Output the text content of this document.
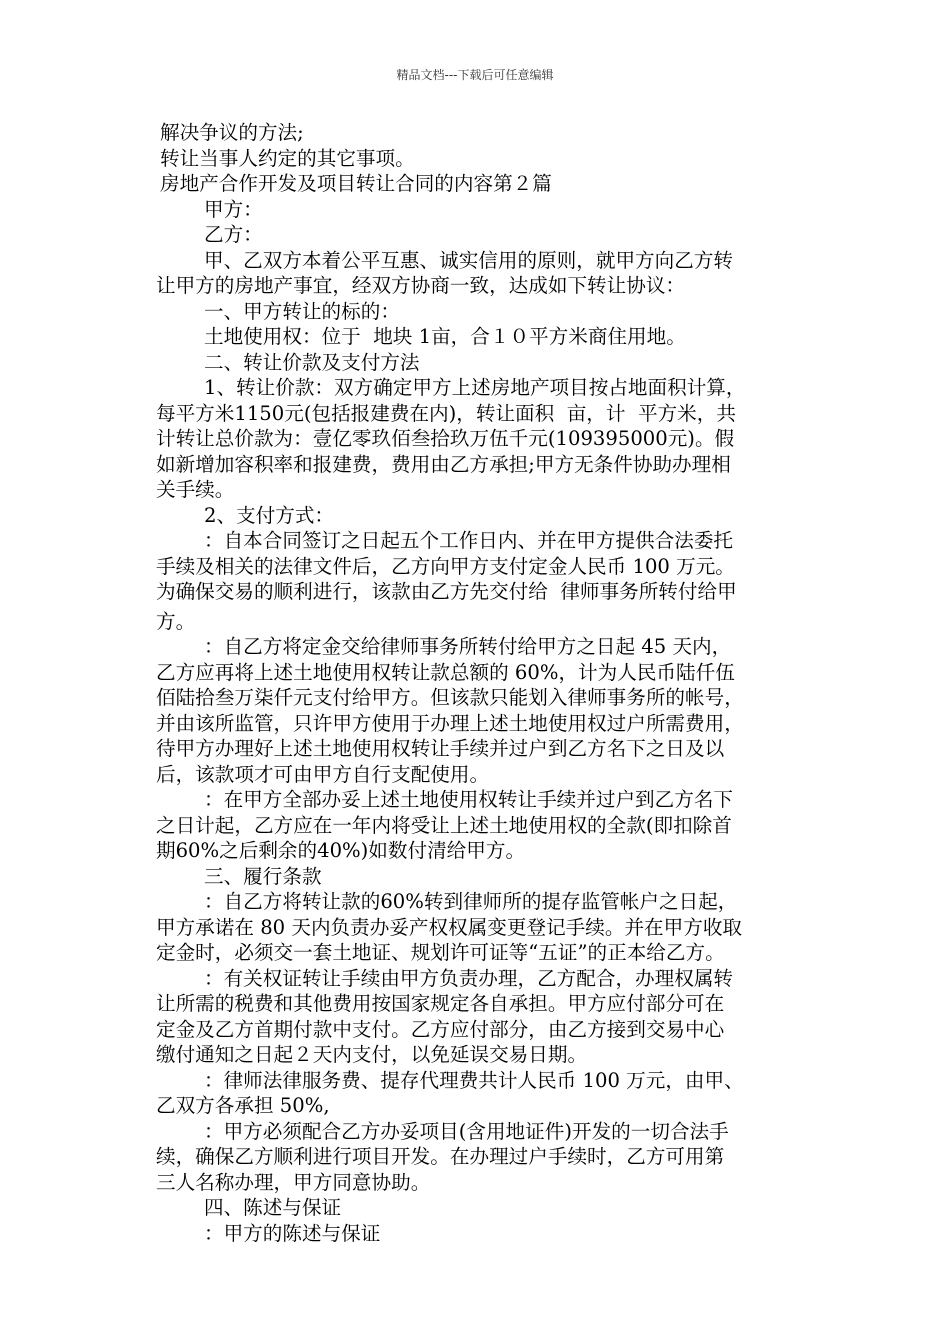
精品文档---下载后可任意编辑
解决争议的方法;
转让当事人约定的其它事项。
房地产合作开发及项目转让合同的内容第２篇
甲方：
乙方：
甲、乙双方本着公平互惠、诚实信用的原则，就甲方向乙方转
让甲方的房地产事宜，经双方协商一致，达成如下转让协议：
一、甲方转让的标的：
土地使用权：位于  地块 1亩，合１０平方米商住用地。
二、转让价款及支付方法
1、转让价款：双方确定甲方上述房地产项目按占地面积计算，
每平方米1150元(包括报建费在内)，转让面积  亩，计  平方米，共
计转让总价款为：壹亿零玖佰叁拾玖万伍千元(109395000元)。假
如新增加容积率和报建费，费用由乙方承担;甲方无条件协助办理相
关手续。
2、支付方式：
：自本合同签订之日起五个工作日内、并在甲方提供合法委托
手续及相关的法律文件后，乙方向甲方支付定金人民币 100 万元。
为确保交易的顺利进行，该款由乙方先交付给  律师事务所转付给甲
方。
：自乙方将定金交给律师事务所转付给甲方之日起 45 天内，
乙方应再将上述土地使用权转让款总额的 60%，计为人民币陆仟伍
佰陆拾叁万柒仟元支付给甲方。但该款只能划入律师事务所的帐号，
并由该所监管，只许甲方使用于办理上述土地使用权过户所需费用，
待甲方办理好上述土地使用权转让手续并过户到乙方名下之日及以
后，该款项才可由甲方自行支配使用。
：在甲方全部办妥上述土地使用权转让手续并过户到乙方名下
之日计起，乙方应在一年内将受让上述土地使用权的全款(即扣除首
期60%之后剩余的40%)如数付清给甲方。
三、履行条款
：自乙方将转让款的60%转到律师所的提存监管帐户之日起，
甲方承诺在 80 天内负责办妥产权权属变更登记手续。并在甲方收取
定金时，必须交一套土地证、规划许可证等“五证”的正本给乙方。
：有关权证转让手续由甲方负责办理，乙方配合，办理权属转
让所需的税费和其他费用按国家规定各自承担。甲方应付部分可在
定金及乙方首期付款中支付。乙方应付部分，由乙方接到交易中心
缴付通知之日起２天内支付，以免延误交易日期。
：律师法律服务费、提存代理费共计人民币 100 万元，由甲、
乙双方各承担 50%,
：甲方必须配合乙方办妥项目(含用地证件)开发的一切合法手
续，确保乙方顺利进行项目开发。在办理过户手续时，乙方可用第
三人名称办理，甲方同意协助。
四、陈述与保证
：甲方的陈述与保证
